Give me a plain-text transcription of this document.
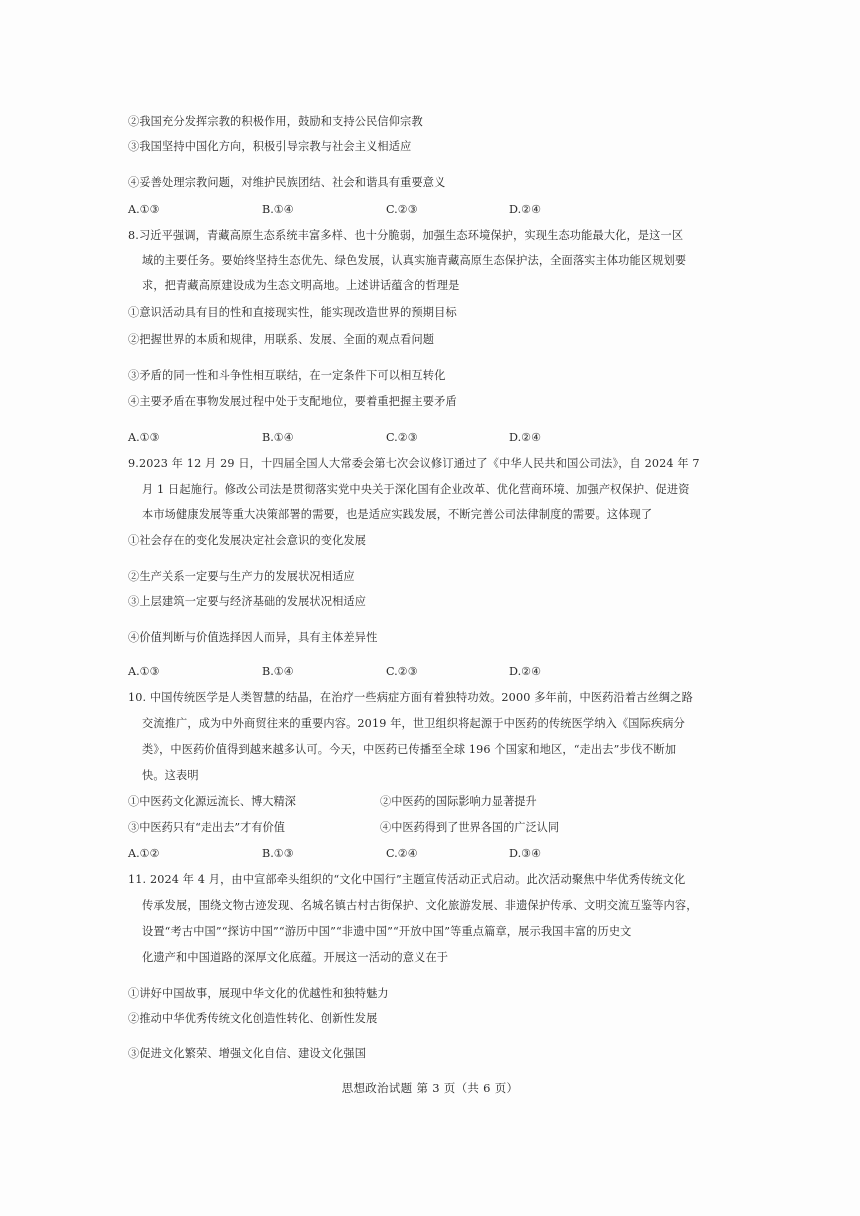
②我国充分发挥宗教的积极作用，鼓励和支持公民信仰宗教
③我国坚持中国化方向，积极引导宗教与社会主义相适应
④妥善处理宗教问题，对维护民族团结、社会和谐具有重要意义
A.①③	B.①④	C.②③	D.②④
8.习近平强调，青藏高原生态系统丰富多样、也十分脆弱，加强生态环境保护，实现生态功能最大化，是这一区
域的主要任务。要始终坚持生态优先、绿色发展，认真实施青藏高原生态保护法，全面落实主体功能区规划要
求，把青藏高原建设成为生态文明高地。上述讲话蕴含的哲理是
①意识活动具有目的性和直接现实性，能实现改造世界的预期目标
②把握世界的本质和规律，用联系、发展、全面的观点看问题
③矛盾的同一性和斗争性相互联结，在一定条件下可以相互转化
④主要矛盾在事物发展过程中处于支配地位，要着重把握主要矛盾
A.①③	B.①④	C.②③	D.②④
9.2023 年 12 月 29 日，十四届全国人大常委会第七次会议修订通过了《中华人民共和国公司法》，自 2024 年 7
月 1 日起施行。修改公司法是贯彻落实党中央关于深化国有企业改革、优化营商环境、加强产权保护、促进资
本市场健康发展等重大决策部署的需要，也是适应实践发展，不断完善公司法律制度的需要。这体现了
①社会存在的变化发展决定社会意识的变化发展
②生产关系一定要与生产力的发展状况相适应
③上层建筑一定要与经济基础的发展状况相适应
④价值判断与价值选择因人而异，具有主体差异性
A.①③	B.①④	C.②③	D.②④
10. 中国传统医学是人类智慧的结晶，在治疗一些病症方面有着独特功效。2000 多年前，中医药沿着古丝绸之路
交流推广，成为中外商贸往来的重要内容。2019 年，世卫组织将起源于中医药的传统医学纳入《国际疾病分
类》，中医药价值得到越来越多认可。今天，中医药已传播至全球 196 个国家和地区，“走出去”步伐不断加
快。这表明
①中医药文化源远流长、博大精深	②中医药的国际影响力显著提升
③中医药只有“走出去”才有价值	④中医药得到了世界各国的广泛认同
A.①②	B.①③	C.②④	D.③④
11. 2024 年 4 月，由中宣部牵头组织的“文化中国行”主题宣传活动正式启动。此次活动聚焦中华优秀传统文化
传承发展，围绕文物古迹发现、名城名镇古村古街保护、文化旅游发展、非遗保护传承、文明交流互鉴等内容，
设置“考古中国”“探访中国”“游历中国”“非遗中国”“开放中国”等重点篇章，展示我国丰富的历史文
化遗产和中国道路的深厚文化底蕴。开展这一活动的意义在于
①讲好中国故事，展现中华文化的优越性和独特魅力
②推动中华优秀传统文化创造性转化、创新性发展
③促进文化繁荣、增强文化自信、建设文化强国
思想政治试题 第 3 页（共 6 页）
